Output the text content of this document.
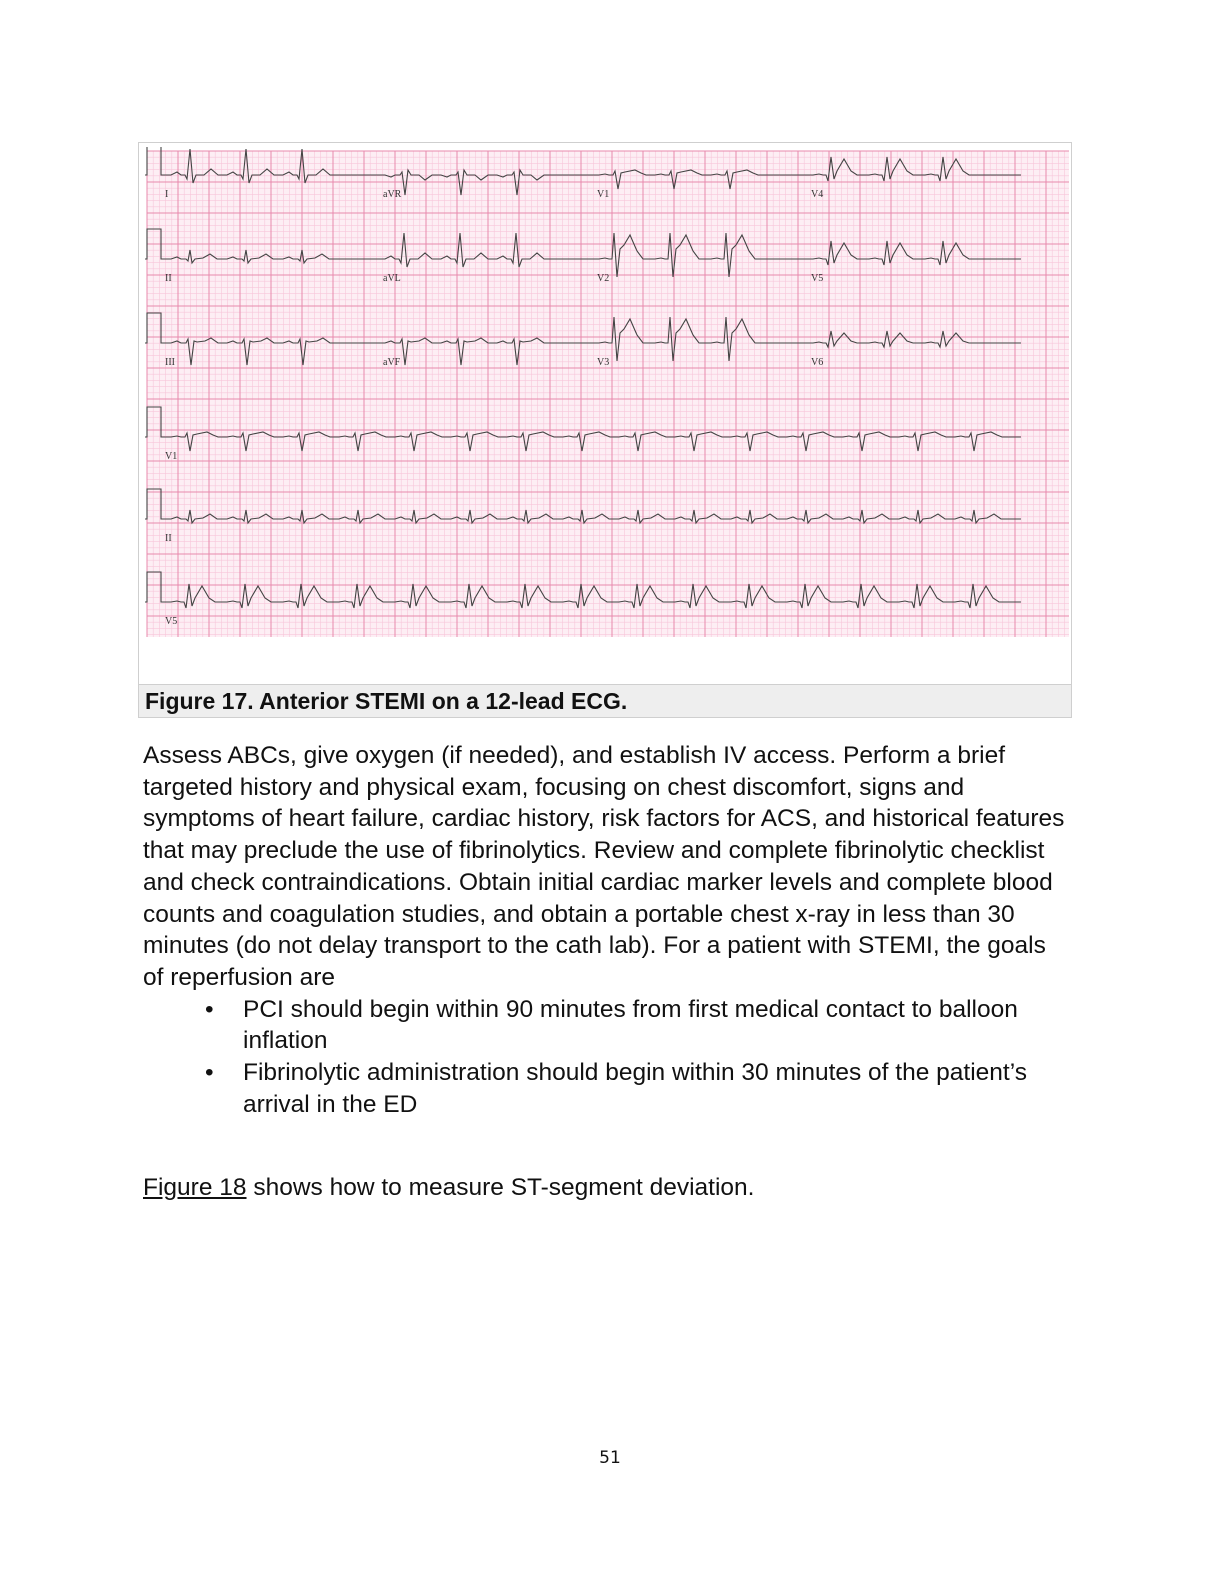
I	aVR	V1	V4
II	aVL	V2	V5
III	aVF	V3	V6
V1
II
V5
Figure 17. Anterior STEMI on a 12-lead ECG.

Assess ABCs, give oxygen (if needed), and establish IV access. Perform a brief targeted history and physical exam, focusing on chest discomfort, signs and symptoms of heart failure, cardiac history, risk factors for ACS, and historical features that may preclude the use of fibrinolytics. Review and complete fibrinolytic checklist and check contraindications. Obtain initial cardiac marker levels and complete blood counts and coagulation studies, and obtain a portable chest x-ray in less than 30 minutes (do not delay transport to the cath lab). For a patient with STEMI, the goals of reperfusion are

• PCI should begin within 90 minutes from first medical contact to balloon inflation
• Fibrinolytic administration should begin within 30 minutes of the patient’s arrival in the ED
Figure 18 shows how to measure ST-segment deviation.
51
